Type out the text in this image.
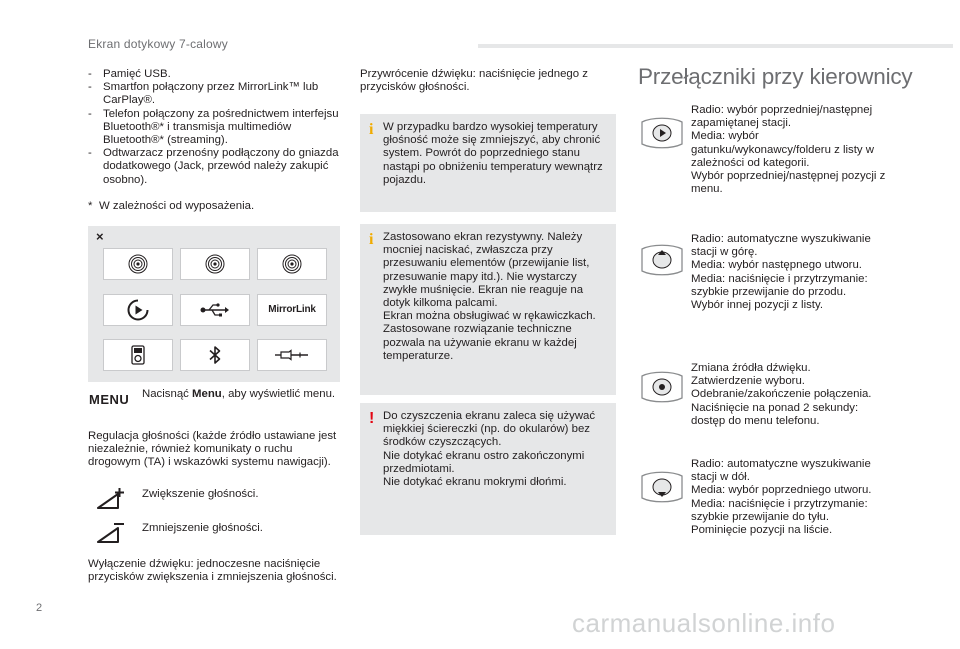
Ekran dotykowy 7-calowy
- Pamięć USB.
- Smartfon połączony przez MirrorLink™ lub CarPlay®.
- Telefon połączony za pośrednictwem interfejsu Bluetooth®* i transmisja multimediów Bluetooth®* (streaming).
- Odtwarzacz przenośny podłączony do gniazda dodatkowego (Jack, przewód należy zakupić osobno).
* W zależności od wyposażenia.
×
MirrorLink
MENU Nacisnąć Menu, aby wyświetlić menu.
Regulacja głośności (każde źródło ustawiane jest niezależnie, również komunikaty o ruchu drogowym (TA) i wskazówki systemu nawigacji).
Zwiększenie głośności.
Zmniejszenie głośności.
Wyłączenie dźwięku: jednoczesne naciśnięcie przycisków zwiększenia i zmniejszenia głośności.
Przywrócenie dźwięku: naciśnięcie jednego z przycisków głośności.
i W przypadku bardzo wysokiej temperatury głośność może się zmniejszyć, aby chronić system. Powrót do poprzedniego stanu nastąpi po obniżeniu temperatury wewnątrz pojazdu.

i Zastosowano ekran rezystywny. Należy mocniej naciskać, zwłaszcza przy przesuwaniu elementów (przewijanie list, przesuwanie mapy itd.). Nie wystarczy zwykłe muśnięcie. Ekran nie reaguje na dotyk kilkoma palcami.
Ekran można obsługiwać w rękawiczkach. Zastosowane rozwiązanie techniczne pozwala na używanie ekranu w każdej temperaturze.

! Do czyszczenia ekranu zaleca się używać miękkiej ściereczki (np. do okularów) bez środków czyszczących.
Nie dotykać ekranu ostro zakończonymi przedmiotami.
Nie dotykać ekranu mokrymi dłońmi.

Przełączniki przy kierownicy

Radio: wybór poprzedniej/następnej zapamiętanej stacji.
Media: wybór gatunku/wykonawcy/folderu z listy w zależności od kategorii.
Wybór poprzedniej/następnej pozycji z menu.

Radio: automatyczne wyszukiwanie stacji w górę.
Media: wybór następnego utworu.
Media: naciśnięcie i przytrzymanie: szybkie przewijanie do przodu.
Wybór innej pozycji z listy.

Zmiana źródła dźwięku.
Zatwierdzenie wyboru.
Odebranie/zakończenie połączenia.
Naciśnięcie na ponad 2 sekundy: dostęp do menu telefonu.

Radio: automatyczne wyszukiwanie stacji w dół.
Media: wybór poprzedniego utworu.
Media: naciśnięcie i przytrzymanie: szybkie przewijanie do tyłu.
Pominięcie pozycji na liście.

2	carmanualsonline.info
